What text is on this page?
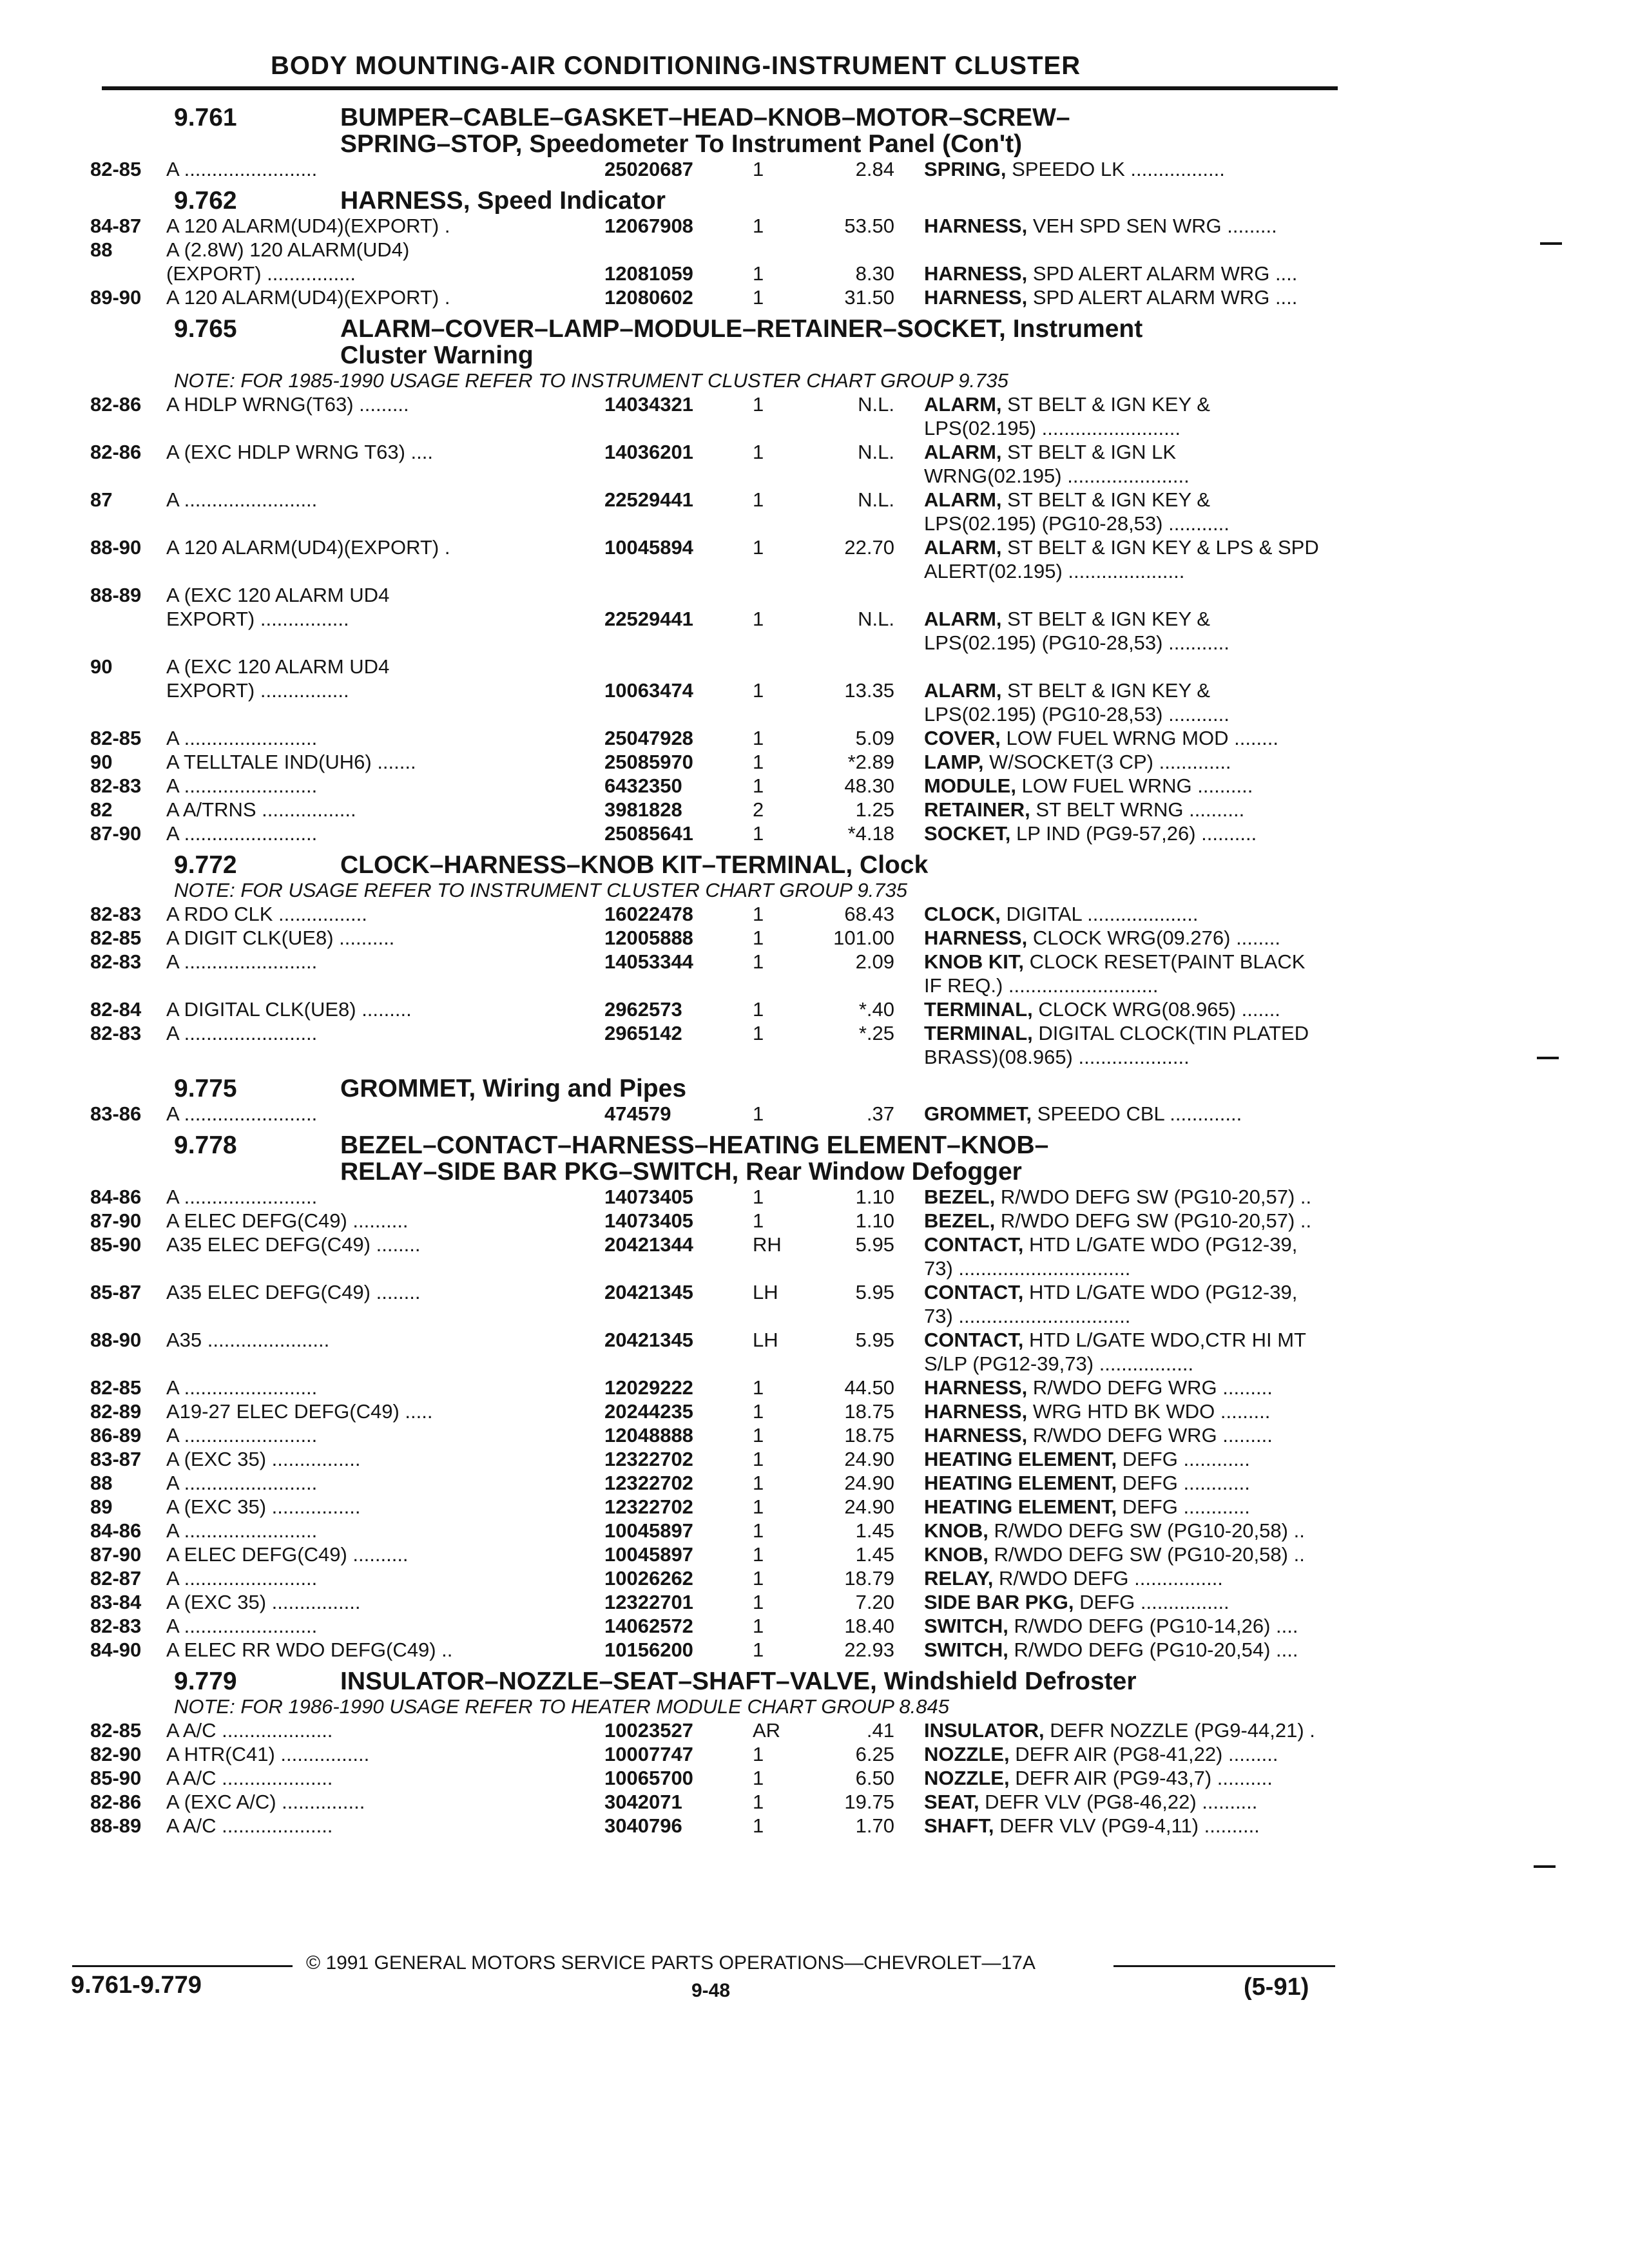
BODY MOUNTING-AIR CONDITIONING-INSTRUMENT CLUSTER
9.761	BUMPER–CABLE–GASKET–HEAD–KNOB–MOTOR–SCREW–
SPRING–STOP, Speedometer To Instrument Panel (Con't)
82-85	A ........................	25020687	1	2.84	SPRING, SPEEDO LK .................
9.762	HARNESS, Speed Indicator
84-87	A 120 ALARM(UD4)(EXPORT) .	12067908	1	53.50	HARNESS, VEH SPD SEN WRG .........
88	A (2.8W) 120 ALARM(UD4)
(EXPORT) ................	12081059	1	8.30	HARNESS, SPD ALERT ALARM WRG ....
89-90	A 120 ALARM(UD4)(EXPORT) .	12080602	1	31.50	HARNESS, SPD ALERT ALARM WRG ....
9.765	ALARM–COVER–LAMP–MODULE–RETAINER–SOCKET, Instrument
Cluster Warning
NOTE: FOR 1985-1990 USAGE REFER TO INSTRUMENT CLUSTER CHART GROUP 9.735
82-86	A HDLP WRNG(T63) .........	14034321	1	N.L.	ALARM, ST BELT & IGN KEY &
LPS(02.195) .........................
82-86	A (EXC HDLP WRNG T63) ....	14036201	1	N.L.	ALARM, ST BELT & IGN LK
WRNG(02.195) ......................
87	A ........................	22529441	1	N.L.	ALARM, ST BELT & IGN KEY &
LPS(02.195) (PG10-28,53) ...........
88-90	A 120 ALARM(UD4)(EXPORT) .	10045894	1	22.70	ALARM, ST BELT & IGN KEY & LPS & SPD
ALERT(02.195) .....................
88-89	A (EXC 120 ALARM UD4
EXPORT) ................	22529441	1	N.L.	ALARM, ST BELT & IGN KEY &
LPS(02.195) (PG10-28,53) ...........
90	A (EXC 120 ALARM UD4
EXPORT) ................	10063474	1	13.35	ALARM, ST BELT & IGN KEY &
LPS(02.195) (PG10-28,53) ...........
82-85	A ........................	25047928	1	5.09	COVER, LOW FUEL WRNG MOD ........
90	A TELLTALE IND(UH6) .......	25085970	1	*2.89	LAMP, W/SOCKET(3 CP) .............
82-83	A ........................	6432350	1	48.30	MODULE, LOW FUEL WRNG ..........
82	A A/TRNS .................	3981828	2	1.25	RETAINER, ST BELT WRNG ..........
87-90	A ........................	25085641	1	*4.18	SOCKET, LP IND (PG9-57,26) ..........
9.772	CLOCK–HARNESS–KNOB KIT–TERMINAL, Clock
NOTE: FOR USAGE REFER TO INSTRUMENT CLUSTER CHART GROUP 9.735
82-83	A RDO CLK ................	16022478	1	68.43	CLOCK, DIGITAL ....................
82-85	A DIGIT CLK(UE8) ..........	12005888	1	101.00	HARNESS, CLOCK WRG(09.276) ........
82-83	A ........................	14053344	1	2.09	KNOB KIT, CLOCK RESET(PAINT BLACK
IF REQ.) ...........................
82-84	A DIGITAL CLK(UE8) .........	2962573	1	*.40	TERMINAL, CLOCK WRG(08.965) .......
82-83	A ........................	2965142	1	*.25	TERMINAL, DIGITAL CLOCK(TIN PLATED
BRASS)(08.965) ....................
9.775	GROMMET, Wiring and Pipes
83-86	A ........................	474579	1	.37	GROMMET, SPEEDO CBL .............
9.778	BEZEL–CONTACT–HARNESS–HEATING ELEMENT–KNOB–
RELAY–SIDE BAR PKG–SWITCH, Rear Window Defogger
84-86	A ........................	14073405	1	1.10	BEZEL, R/WDO DEFG SW (PG10-20,57) ..
87-90	A ELEC DEFG(C49) ..........	14073405	1	1.10	BEZEL, R/WDO DEFG SW (PG10-20,57) ..
85-90	A35 ELEC DEFG(C49) ........	20421344	RH	5.95	CONTACT, HTD L/GATE WDO (PG12-39,
73) ...............................
85-87	A35 ELEC DEFG(C49) ........	20421345	LH	5.95	CONTACT, HTD L/GATE WDO (PG12-39,
73) ...............................
88-90	A35 ......................	20421345	LH	5.95	CONTACT, HTD L/GATE WDO,CTR HI MT
S/LP (PG12-39,73) .................
82-85	A ........................	12029222	1	44.50	HARNESS, R/WDO DEFG WRG .........
82-89	A19-27 ELEC DEFG(C49) .....	20244235	1	18.75	HARNESS, WRG HTD BK WDO .........
86-89	A ........................	12048888	1	18.75	HARNESS, R/WDO DEFG WRG .........
83-87	A (EXC 35) ................	12322702	1	24.90	HEATING ELEMENT, DEFG ............
88	A ........................	12322702	1	24.90	HEATING ELEMENT, DEFG ............
89	A (EXC 35) ................	12322702	1	24.90	HEATING ELEMENT, DEFG ............
84-86	A ........................	10045897	1	1.45	KNOB, R/WDO DEFG SW (PG10-20,58) ..
87-90	A ELEC DEFG(C49) ..........	10045897	1	1.45	KNOB, R/WDO DEFG SW (PG10-20,58) ..
82-87	A ........................	10026262	1	18.79	RELAY, R/WDO DEFG ................
83-84	A (EXC 35) ................	12322701	1	7.20	SIDE BAR PKG, DEFG ................
82-83	A ........................	14062572	1	18.40	SWITCH, R/WDO DEFG (PG10-14,26) ....
84-90	A ELEC RR WDO DEFG(C49) ..	10156200	1	22.93	SWITCH, R/WDO DEFG (PG10-20,54) ....
9.779	INSULATOR–NOZZLE–SEAT–SHAFT–VALVE, Windshield Defroster
NOTE: FOR 1986-1990 USAGE REFER TO HEATER MODULE CHART GROUP 8.845
82-85	A A/C ....................	10023527	AR	.41	INSULATOR, DEFR NOZZLE (PG9-44,21) .
82-90	A HTR(C41) ................	10007747	1	6.25	NOZZLE, DEFR AIR (PG8-41,22) .........
85-90	A A/C ....................	10065700	1	6.50	NOZZLE, DEFR AIR (PG9-43,7) ..........
82-86	A (EXC A/C) ...............	3042071	1	19.75	SEAT, DEFR VLV (PG8-46,22) ..........
88-89	A A/C ....................	3040796	1	1.70	SHAFT, DEFR VLV (PG9-4,11) ..........
© 1991 GENERAL MOTORS SERVICE PARTS OPERATIONS—CHEVROLET—17A
9.761-9.779	9-48	(5-91)
